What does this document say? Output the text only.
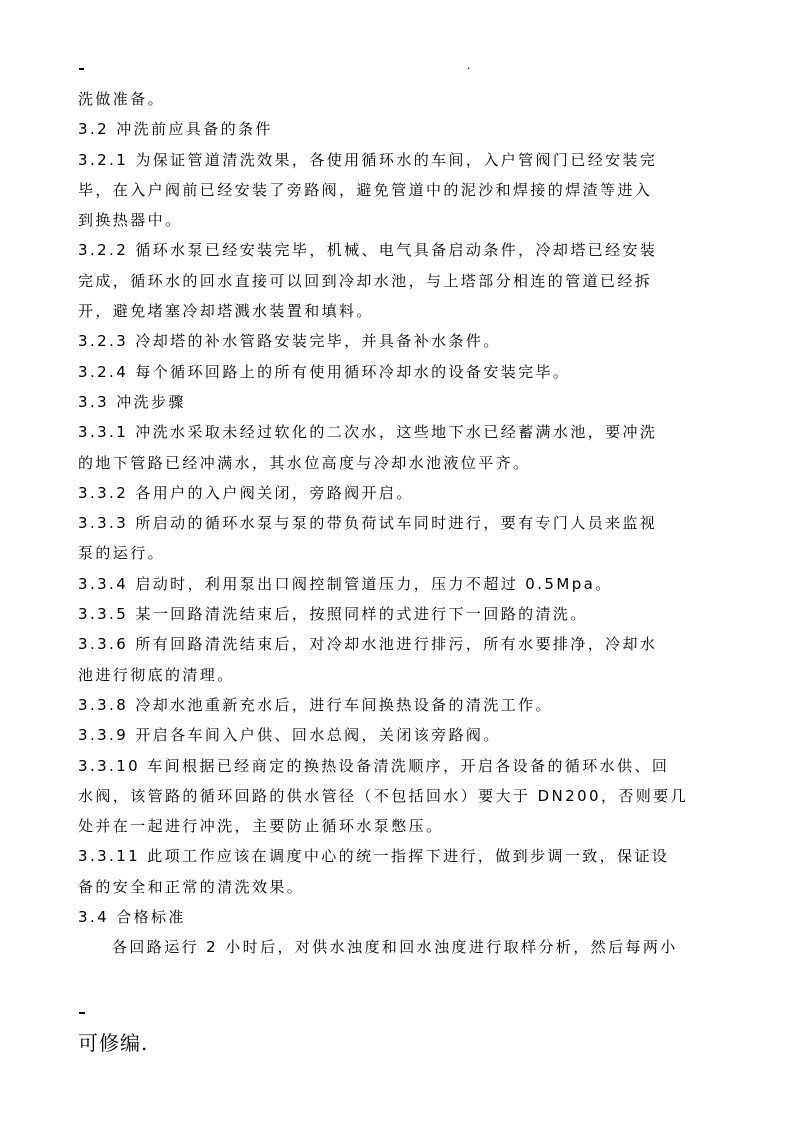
.
洗做准备。
3.2 冲洗前应具备的条件
3.2.1 为保证管道清洗效果，各使用循环水的车间，入户管阀门已经安装完
毕，在入户阀前已经安装了旁路阀，避免管道中的泥沙和焊接的焊渣等进入
到换热器中。
3.2.2 循环水泵已经安装完毕，机械、电气具备启动条件，冷却塔已经安装
完成，循环水的回水直接可以回到冷却水池，与上塔部分相连的管道已经拆
开，避免堵塞冷却塔溅水装置和填料。
3.2.3 冷却塔的补水管路安装完毕，并具备补水条件。
3.2.4 每个循环回路上的所有使用循环冷却水的设备安装完毕。
3.3 冲洗步骤
3.3.1 冲洗水采取未经过软化的二次水，这些地下水已经蓄满水池，要冲洗
的地下管路已经冲满水，其水位高度与冷却水池液位平齐。
3.3.2 各用户的入户阀关闭，旁路阀开启。
3.3.3 所启动的循环水泵与泵的带负荷试车同时进行，要有专门人员来监视
泵的运行。
3.3.4 启动时，利用泵出口阀控制管道压力，压力不超过 0.5Mpa。
3.3.5 某一回路清洗结束后，按照同样的式进行下一回路的清洗。
3.3.6 所有回路清洗结束后，对冷却水池进行排污，所有水要排净，冷却水
池进行彻底的清理。
3.3.8 冷却水池重新充水后，进行车间换热设备的清洗工作。
3.3.9 开启各车间入户供、回水总阀，关闭该旁路阀。
3.3.10 车间根据已经商定的换热设备清洗顺序，开启各设备的循环水供、回
水阀，该管路的循环回路的供水管径（不包括回水）要大于 DN200，否则要几
处并在一起进行冲洗，主要防止循环水泵憋压。
3.3.11 此项工作应该在调度中心的统一指挥下进行，做到步调一致，保证设
备的安全和正常的清洗效果。
3.4 合格标准
各回路运行 2 小时后，对供水浊度和回水浊度进行取样分析，然后每两小
可修编.
